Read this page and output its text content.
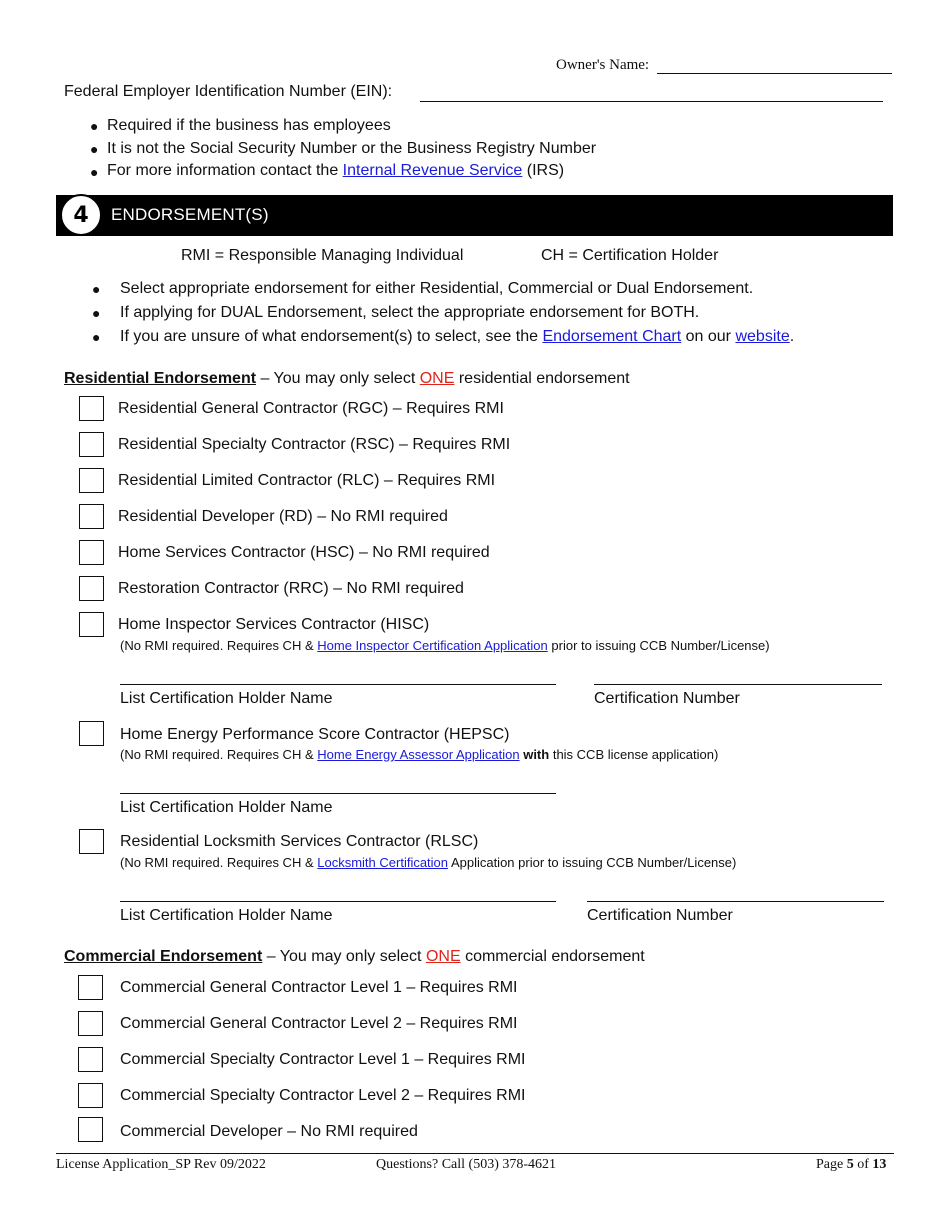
Owner's Name:
Federal Employer Identification Number (EIN):
● Required if the business has employees
● It is not the Social Security Number or the Business Registry Number
● For more information contact the Internal Revenue Service (IRS)
4	ENDORSEMENT(S)
RMI = Responsible Managing Individual	CH = Certification Holder
● Select appropriate endorsement for either Residential, Commercial or Dual Endorsement.
● If applying for DUAL Endorsement, select the appropriate endorsement for BOTH.
● If you are unsure of what endorsement(s) to select, see the Endorsement Chart on our website.
Residential Endorsement – You may only select ONE residential endorsement
Residential General Contractor (RGC) – Requires RMI
Residential Specialty Contractor (RSC) – Requires RMI
Residential Limited Contractor (RLC) – Requires RMI
Residential Developer (RD) – No RMI required
Home Services Contractor (HSC) – No RMI required
Restoration Contractor (RRC) – No RMI required
Home Inspector Services Contractor (HISC)
(No RMI required. Requires CH & Home Inspector Certification Application prior to issuing CCB Number/License)
List Certification Holder Name	Certification Number
Home Energy Performance Score Contractor (HEPSC)
(No RMI required. Requires CH & Home Energy Assessor Application with this CCB license application)
List Certification Holder Name
Residential Locksmith Services Contractor (RLSC)
(No RMI required. Requires CH & Locksmith Certification Application prior to issuing CCB Number/License)
List Certification Holder Name	Certification Number
Commercial Endorsement – You may only select ONE commercial endorsement
Commercial General Contractor Level 1 – Requires RMI
Commercial General Contractor Level 2 – Requires RMI
Commercial Specialty Contractor Level 1 – Requires RMI
Commercial Specialty Contractor Level 2 – Requires RMI
Commercial Developer – No RMI required
License Application_SP Rev 09/2022	Questions? Call (503) 378-4621	Page 5 of 13
